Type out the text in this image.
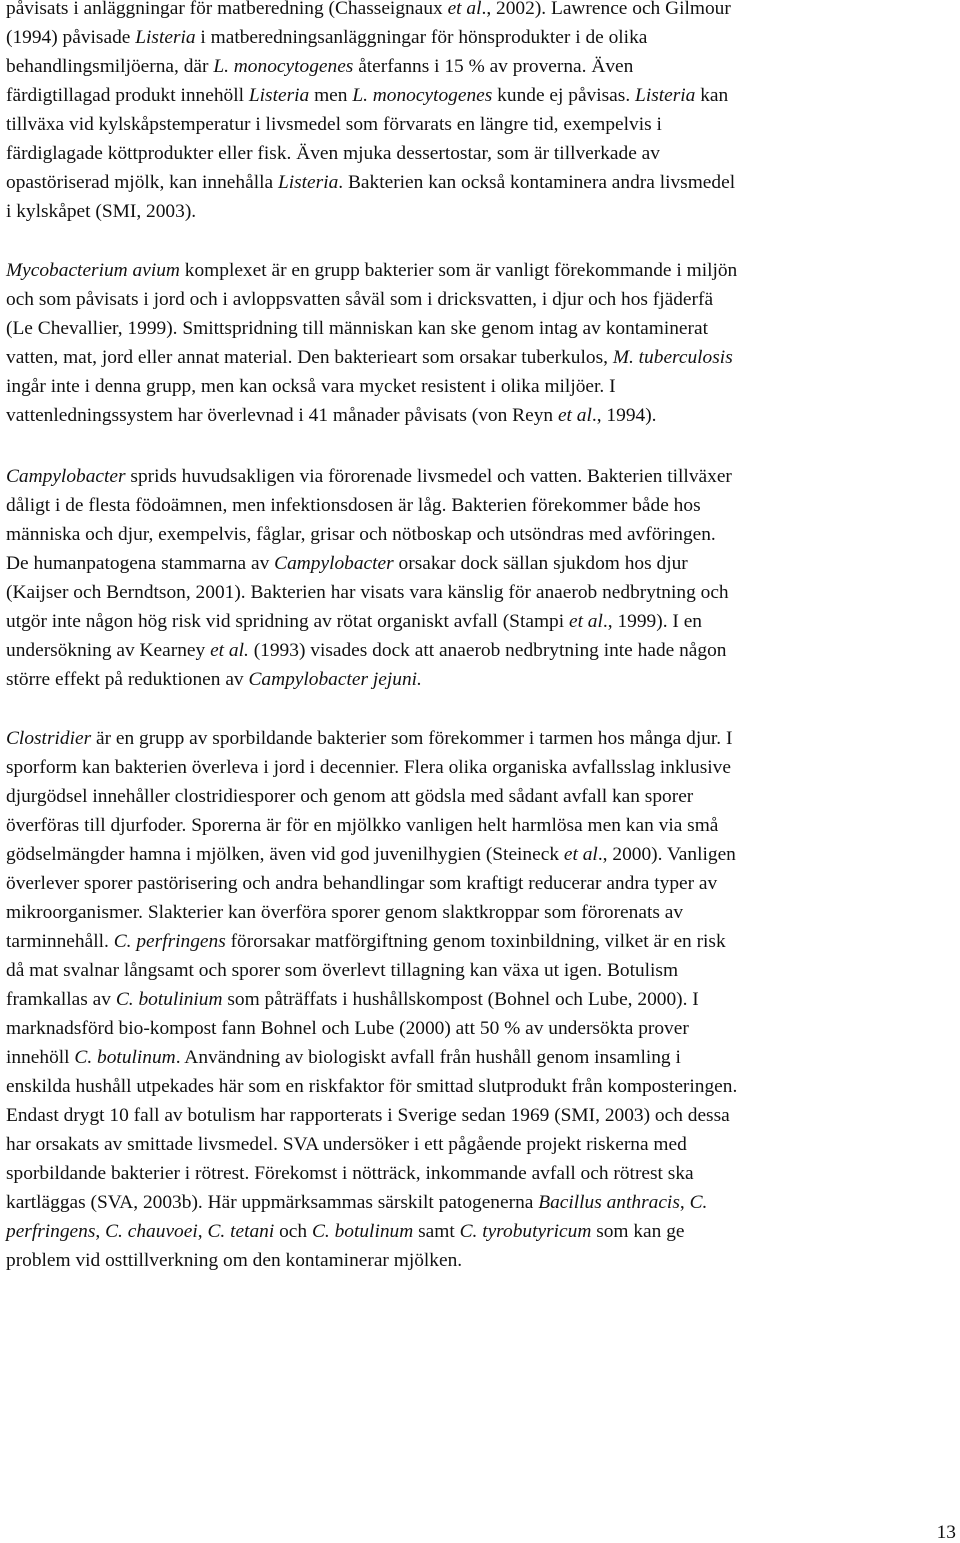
påvisats i anläggningar för matberedning (Chasseignaux et al., 2002). Lawrence och Gilmour
(1994) påvisade Listeria i matberedningsanläggningar för hönsprodukter i de olika
behandlingsmiljöerna, där L. monocytogenes återfanns i 15 % av proverna. Även
färdigtillagad produkt innehöll Listeria men L. monocytogenes kunde ej påvisas. Listeria kan
tillväxa vid kylskåpstemperatur i livsmedel som förvarats en längre tid, exempelvis i
färdiglagade köttprodukter eller fisk. Även mjuka dessertostar, som är tillverkade av
opastöriserad mjölk, kan innehålla Listeria. Bakterien kan också kontaminera andra livsmedel
i kylskåpet (SMI, 2003).
Mycobacterium avium komplexet är en grupp bakterier som är vanligt förekommande i miljön
och som påvisats i jord och i avloppsvatten såväl som i dricksvatten, i djur och hos fjäderfä
(Le Chevallier, 1999). Smittspridning till människan kan ske genom intag av kontaminerat
vatten, mat, jord eller annat material. Den bakterieart som orsakar tuberkulos, M. tuberculosis
ingår inte i denna grupp, men kan också vara mycket resistent i olika miljöer. I
vattenledningssystem har överlevnad i 41 månader påvisats (von Reyn et al., 1994).
Campylobacter sprids huvudsakligen via förorenade livsmedel och vatten. Bakterien tillväxer
dåligt i de flesta födoämnen, men infektionsdosen är låg. Bakterien förekommer både hos
människa och djur, exempelvis, fåglar, grisar och nötboskap och utsöndras med avföringen.
De humanpatogena stammarna av Campylobacter orsakar dock sällan sjukdom hos djur
(Kaijser och Berndtson, 2001). Bakterien har visats vara känslig för anaerob nedbrytning och
utgör inte någon hög risk vid spridning av rötat organiskt avfall (Stampi et al., 1999). I en
undersökning av Kearney et al. (1993) visades dock att anaerob nedbrytning inte hade någon
större effekt på reduktionen av Campylobacter jejuni.
Clostridier är en grupp av sporbildande bakterier som förekommer i tarmen hos många djur. I
sporform kan bakterien överleva i jord i decennier. Flera olika organiska avfallsslag inklusive
djurgödsel innehåller clostridiesporer och genom att gödsla med sådant avfall kan sporer
överföras till djurfoder. Sporerna är för en mjölkko vanligen helt harmlösa men kan via små
gödselmängder hamna i mjölken, även vid god juvenilhygien (Steineck et al., 2000). Vanligen
överlever sporer pastörisering och andra behandlingar som kraftigt reducerar andra typer av
mikroorganismer. Slakterier kan överföra sporer genom slaktkroppar som förorenats av
tarminnehåll. C. perfringens förorsakar matförgiftning genom toxinbildning, vilket är en risk
då mat svalnar långsamt och sporer som överlevt tillagning kan växa ut igen. Botulism
framkallas av C. botulinium som påträffats i hushållskompost (Bohnel och Lube, 2000). I
marknadsförd bio-kompost fann Bohnel och Lube (2000) att 50 % av undersökta prover
innehöll C. botulinum. Användning av biologiskt avfall från hushåll genom insamling i
enskilda hushåll utpekades här som en riskfaktor för smittad slutprodukt från komposteringen.
Endast drygt 10 fall av botulism har rapporterats i Sverige sedan 1969 (SMI, 2003) och dessa
har orsakats av smittade livsmedel. SVA undersöker i ett pågående projekt riskerna med
sporbildande bakterier i rötrest. Förekomst i nötträck, inkommande avfall och rötrest ska
kartläggas (SVA, 2003b). Här uppmärksammas särskilt patogenerna Bacillus anthracis, C.
perfringens, C. chauvoei, C. tetani och C. botulinum samt C. tyrobutyricum som kan ge
problem vid osttillverkning om den kontaminerar mjölken.
13
